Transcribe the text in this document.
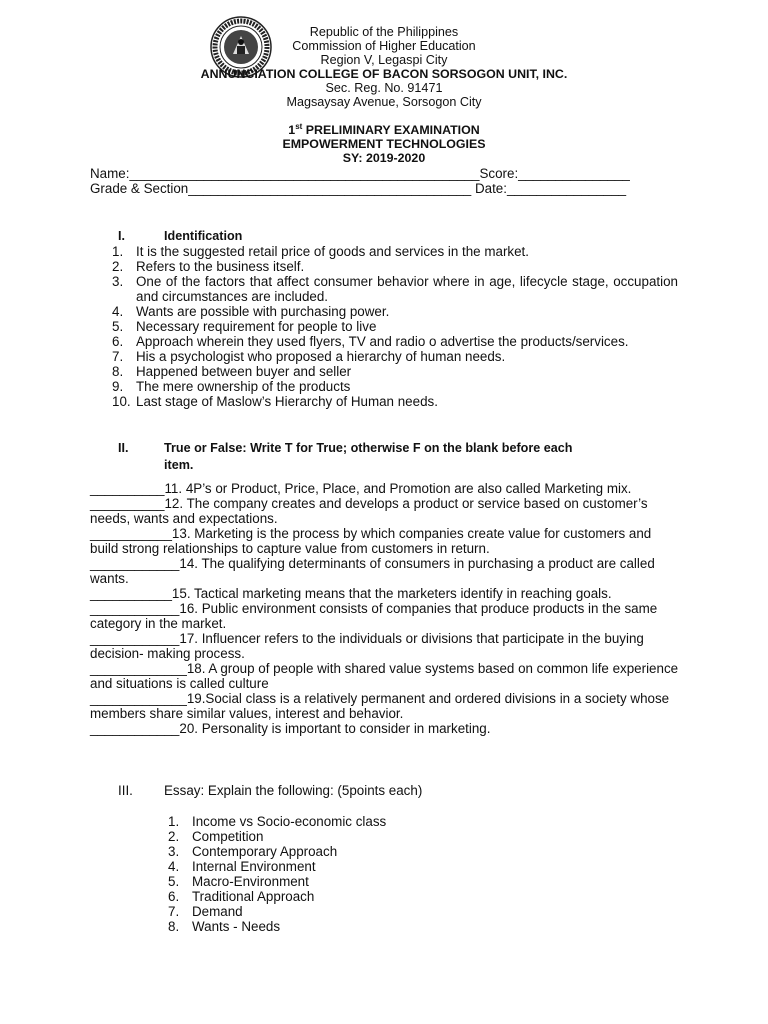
Republic of the Philippines
Commission of Higher Education
Region V, Legaspi City
ANNUNCIATION COLLEGE OF BACON SORSOGON UNIT, INC.
Sec. Reg. No. 91471
Magsaysay Avenue, Sorsogon City
1st PRELIMINARY EXAMINATION
EMPOWERMENT TECHNOLOGIES
SY: 2019-2020
Name:_______________________________________________Score:_______________
Grade & Section______________________________________ Date:________________
I.	Identification
1. It is the suggested retail price of goods and services in the market.
2. Refers to the business itself.
3. One of the factors that affect consumer behavior where in age, lifecycle stage, occupation and circumstances are included.
4. Wants are possible with purchasing power.
5. Necessary requirement for people to live
6. Approach wherein they used flyers, TV and radio o advertise the products/services.
7. His a psychologist who proposed a hierarchy of human needs.
8. Happened between buyer and seller
9. The mere ownership of the products
10. Last stage of Maslow’s Hierarchy of Human needs.
II.	True or False: Write T for True; otherwise F on the blank before each
item.

__________11. 4P’s or Product, Price, Place, and Promotion are also called Marketing mix.

__________12. The company creates and develops a product or service based on customer’s needs, wants and expectations.

___________13. Marketing is the process by which companies create value for customers and build strong relationships to capture value from customers in return.

____________14. The qualifying determinants of consumers in purchasing a product are called wants.

___________15. Tactical marketing means that the marketers identify in reaching goals.

____________16. Public environment consists of companies that produce products in the same category in the market.

____________17. Influencer refers to the individuals or divisions that participate in the buying decision- making process.

_____________18. A group of people with shared value systems based on common life experience and situations is called culture

_____________19.Social class is a relatively permanent and ordered divisions in a society whose members share similar values, interest and behavior.

____________20. Personality is important to consider in marketing.

III. Essay: Explain the following: (5points each)
1. Income vs Socio-economic class
2. Competition
3. Contemporary Approach
4. Internal Environment
5. Macro-Environment
6. Traditional Approach
7. Demand
8. Wants - Needs
